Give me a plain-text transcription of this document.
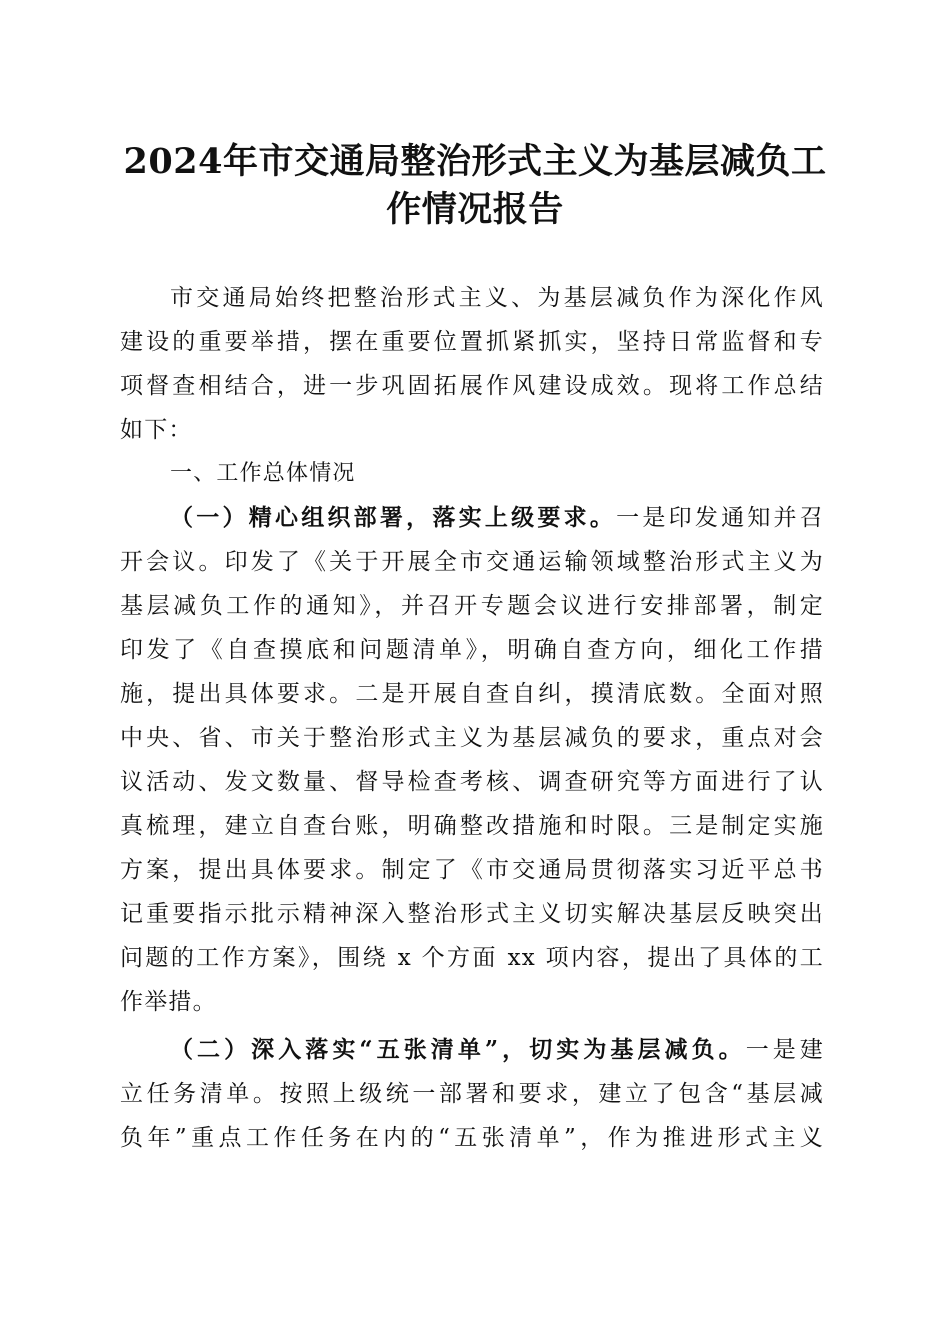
2024年市交通局整治形式主义为基层减负工
作情况报告
市交通局始终把整治形式主义、为基层减负作为深化作风
建设的重要举措，摆在重要位置抓紧抓实，坚持日常监督和专
项督查相结合，进一步巩固拓展作风建设成效。现将工作总结
如下：

一、工作总体情况

（一）精心组织部署，落实上级要求。一是印发通知并召
开会议。印发了《关于开展全市交通运输领域整治形式主义为
基层减负工作的通知》，并召开专题会议进行安排部署，制定
印发了《自查摸底和问题清单》，明确自查方向，细化工作措
施，提出具体要求。二是开展自查自纠，摸清底数。全面对照
中央、省、市关于整治形式主义为基层减负的要求，重点对会
议活动、发文数量、督导检查考核、调查研究等方面进行了认
真梳理，建立自查台账，明确整改措施和时限。三是制定实施
方案，提出具体要求。制定了《市交通局贯彻落实习近平总书
记重要指示批示精神深入整治形式主义切实解决基层反映突出
问题的工作方案》，围绕 x 个方面 xx 项内容，提出了具体的工
作举措。
（二）深入落实“五张清单”，切实为基层减负。一是建
立任务清单。按照上级统一部署和要求，建立了包含“基层减
负年”重点工作任务在内的“五张清单”，作为推进形式主义
